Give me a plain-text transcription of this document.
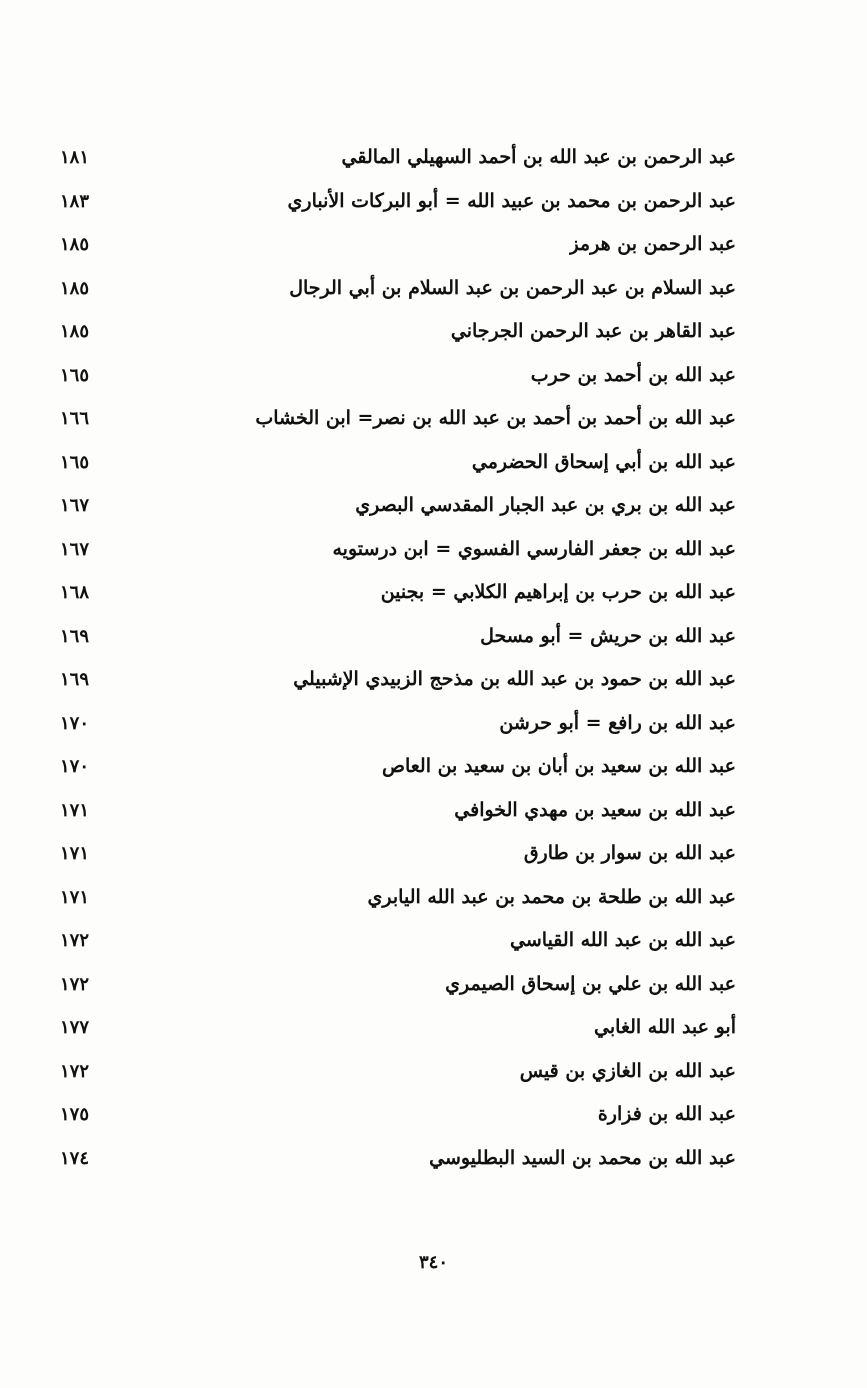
عبد الرحمن بن عبد الله بن أحمد السهيلي المالقي
١٨١
عبد الرحمن بن محمد بن عبيد الله = أبو البركات الأنباري
١٨٣
عبد الرحمن بن هرمز
١٨٥
عبد السلام بن عبد الرحمن بن عبد السلام بن أبي الرجال
١٨٥
عبد القاهر بن عبد الرحمن الجرجاني
١٨٥
عبد الله بن أحمد بن حرب
١٦٥
عبد الله بن أحمد بن أحمد بن عبد الله بن نصر= ابن الخشاب
١٦٦
عبد الله بن أبي إسحاق الحضرمي
١٦٥
عبد الله بن بري بن عبد الجبار المقدسي البصري
١٦٧
عبد الله بن جعفر الفارسي الفسوي = ابن درستويه
١٦٧
عبد الله بن حرب بن إبراهيم الكلابي = بجنين
١٦٨
عبد الله بن حريش = أبو مسحل
١٦٩
عبد الله بن حمود بن عبد الله بن مذحج الزبيدي الإشبيلي
١٦٩
عبد الله بن رافع = أبو حرشن
١٧٠
عبد الله بن سعيد بن أبان بن سعيد بن العاص
١٧٠
عبد الله بن سعيد بن مهدي الخوافي
١٧١
عبد الله بن سوار بن طارق
١٧١
عبد الله بن طلحة بن محمد بن عبد الله اليابري
١٧١
عبد الله بن عبد الله القياسي
١٧٢
عبد الله بن علي بن إسحاق الصيمري
١٧٢
أبو عبد الله الغابي
١٧٧
عبد الله بن الغازي بن قيس
١٧٢
عبد الله بن فزارة
١٧٥
عبد الله بن محمد بن السيد البطليوسي
١٧٤
٣٤٠
